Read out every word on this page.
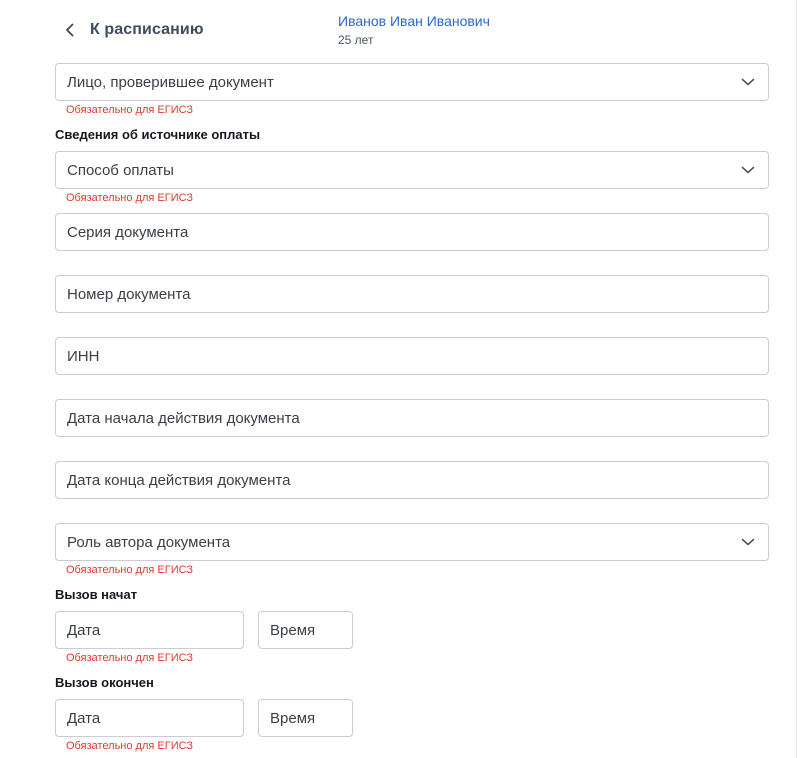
К расписанию	Иванов Иван Иванович
25 лет
Лицо, проверившее документ
Обязательно для ЕГИСЗ
Сведения об источнике оплаты
Способ оплаты
Обязательно для ЕГИСЗ
Серия документа
Номер документа
ИНН
Дата начала действия документа
Дата конца действия документа
Роль автора документа
Обязательно для ЕГИСЗ
Вызов начат
Дата	Время
Обязательно для ЕГИСЗ
Вызов окончен
Дата	Время
Обязательно для ЕГИСЗ
